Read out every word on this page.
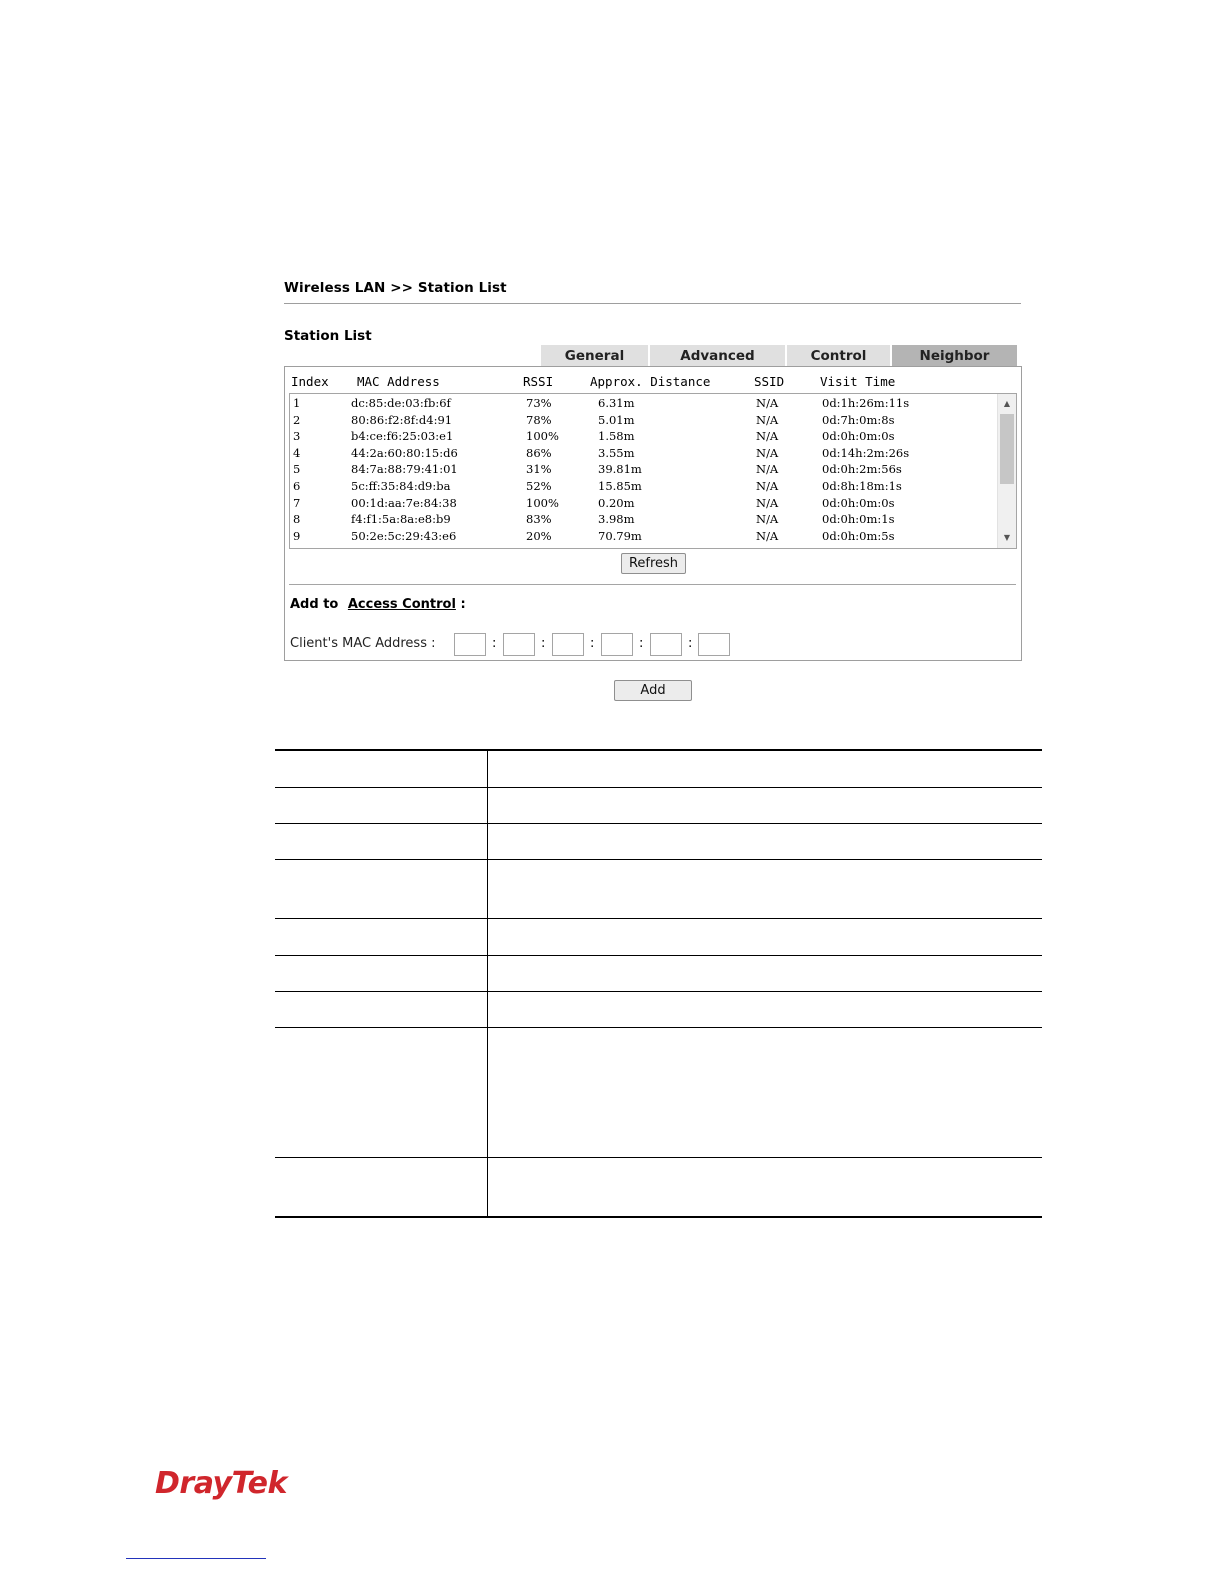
Wireless LAN >> Station List
Station List
General	Advanced	Control	Neighbor
Index MAC Address	RSSI	Approx. Distance	SSID	Visit Time
1	dc:85:de:03:fb:6f	73%	6.31m	N/A	0d:1h:26m:11s
2	80:86:f2:8f:d4:91	78%	5.01m	N/A	0d:7h:0m:8s
3	b4:ce:f6:25:03:e1	100%	1.58m	N/A	0d:0h:0m:0s
4	44:2a:60:80:15:d6	86%	3.55m	N/A	0d:14h:2m:26s
5	84:7a:88:79:41:01	31%	39.81m	N/A	0d:0h:2m:56s
6	5c:ff:35:84:d9:ba	52%	15.85m	N/A	0d:8h:18m:1s
7	00:1d:aa:7e:84:38	100%	0.20m	N/A	0d:0h:0m:0s
8	f4:f1:5a:8a:e8:b9	83%	3.98m	N/A	0d:0h:0m:1s
9	50:2e:5c:29:43:e6	20%	70.79m	N/A	0d:0h:0m:5s
▲
▼
Refresh
Add to Access Control :
Client's MAC Address :	:	:	:	:	:
Add
DrayTek
